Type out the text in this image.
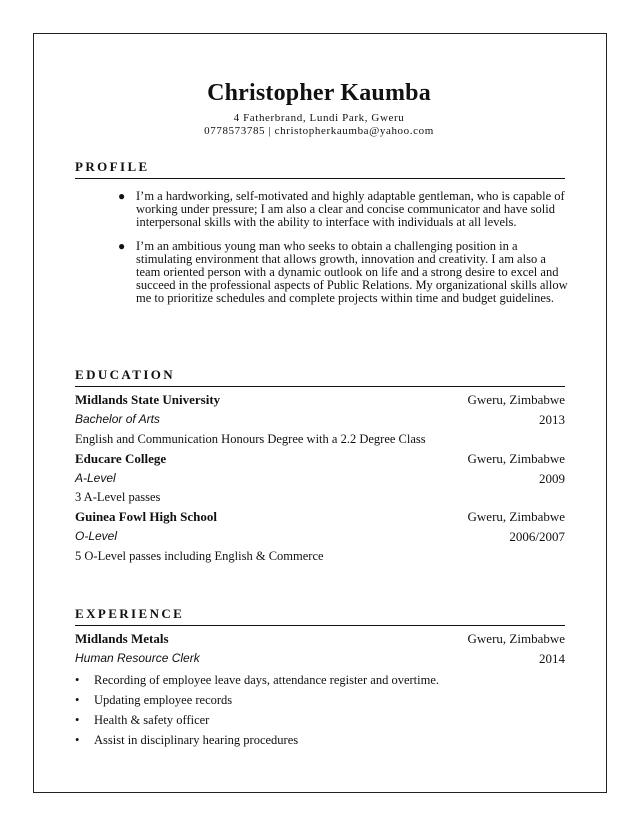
Christopher Kaumba
4 Fatherbrand, Lundi Park, Gweru
0778573785 | christopherkaumba@yahoo.com
PROFILE
● I’m a hardworking, self-motivated and highly adaptable gentleman, who is capable of working under pressure; I am also a clear and concise communicator and have solid interpersonal skills with the ability to interface with individuals at all levels.
● I’m an ambitious young man who seeks to obtain a challenging position in a stimulating environment that allows growth, innovation and creativity. I am also a team oriented person with a dynamic outlook on life and a strong desire to excel and succeed in the professional aspects of Public Relations. My organizational skills allow me to prioritize schedules and complete projects within time and budget guidelines.
EDUCATION
Midlands State University	Gweru, Zimbabwe
Bachelor of Arts	2013
English and Communication Honours Degree with a 2.2 Degree Class
Educare College	Gweru, Zimbabwe
A-Level	2009
3 A-Level passes
Guinea Fowl High School	Gweru, Zimbabwe
O-Level	2006/2007
5 O-Level passes including English & Commerce
EXPERIENCE
Midlands Metals	Gweru, Zimbabwe
Human Resource Clerk	2014
• Recording of employee leave days, attendance register and overtime.
• Updating employee records
• Health & safety officer
• Assist in disciplinary hearing procedures
